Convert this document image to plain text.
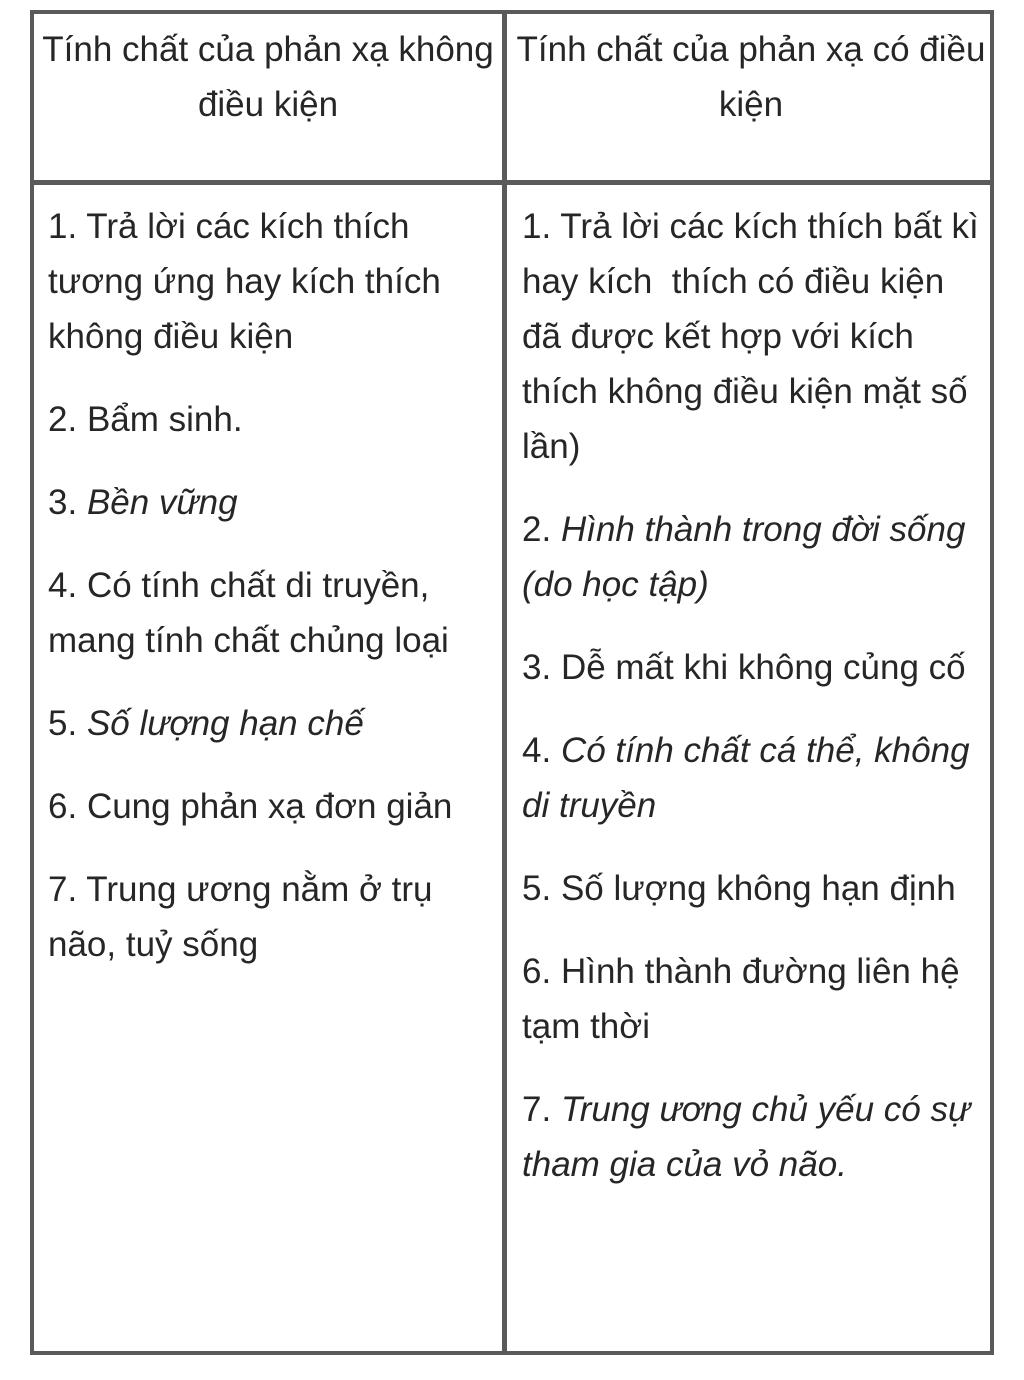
Tính chất của phản xạ không điều kiện
Tính chất của phản xạ có điều kiện
1. Trả lời các kích thích tương ứng hay kích thích không điều kiện
2. Bẩm sinh.
3. Bền vững
4. Có tính chất di truyền, mang tính chất chủng loại
5. Số lượng hạn chế
6. Cung phản xạ đơn giản
7. Trung ương nằm ở trụ não, tuỷ sống
1. Trả lời các kích thích bất kì hay kích  thích có điều kiện đã được kết hợp với kích thích không điều kiện mặt số lần)
2. Hình thành trong đời sống (do học tập)
3. Dễ mất khi không củng cố
4. Có tính chất cá thể, không di truyền
5. Số lượng không hạn định
6. Hình thành đường liên hệ tạm thời
7. Trung ương chủ yếu có sự tham gia của vỏ não.
